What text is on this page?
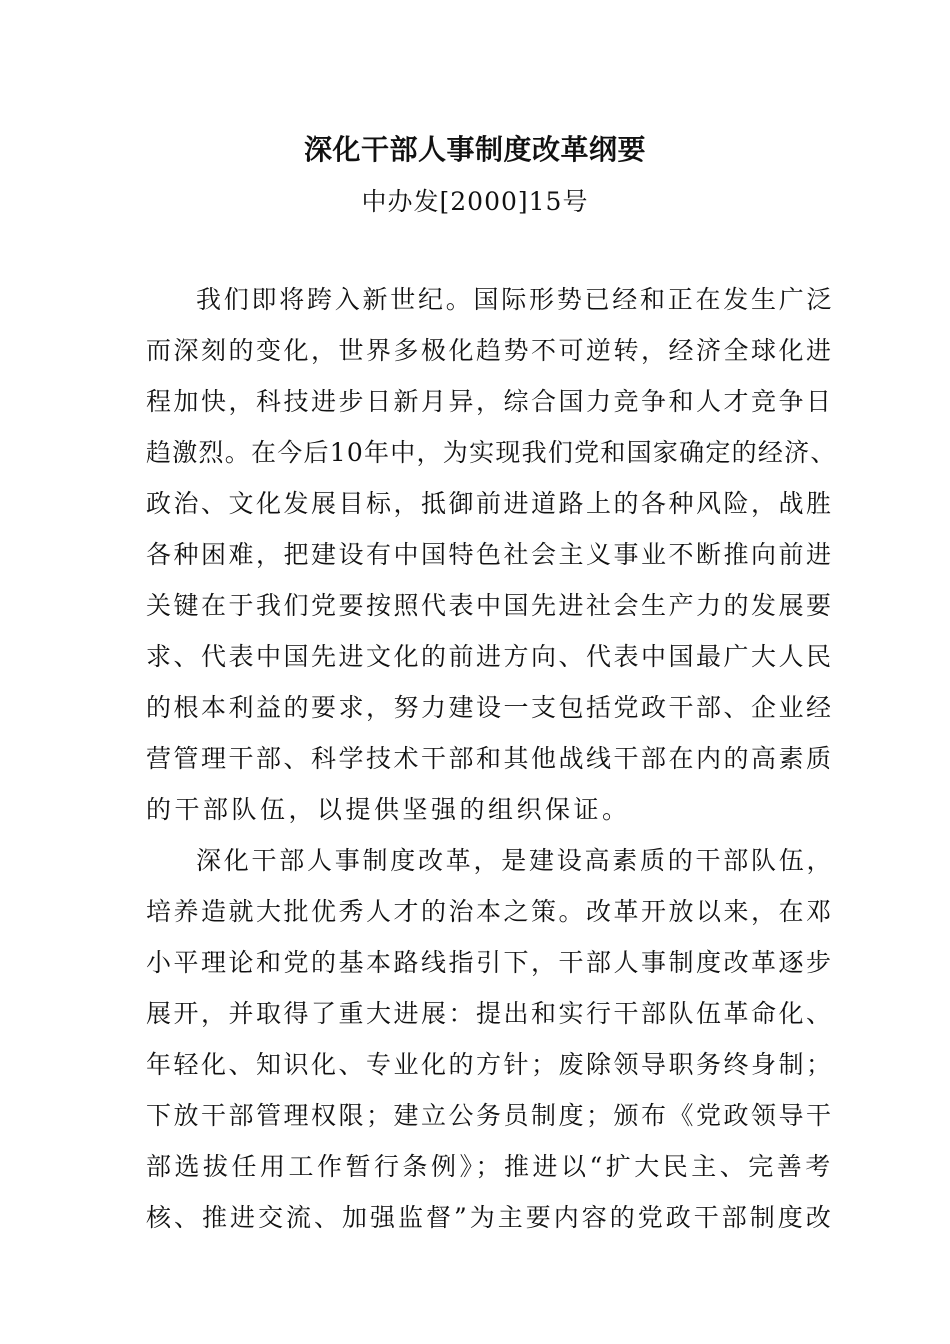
深化干部人事制度改革纲要
中办发[2000]15号
我们即将跨入新世纪。国际形势已经和正在发生广泛
而深刻的变化，世界多极化趋势不可逆转，经济全球化进
程加快，科技进步日新月异，综合国力竞争和人才竞争日
趋激烈。在今后10年中，为实现我们党和国家确定的经济、
政治、文化发展目标，抵御前进道路上的各种风险，战胜
各种困难，把建设有中国特色社会主义事业不断推向前进
关键在于我们党要按照代表中国先进社会生产力的发展要
求、代表中国先进文化的前进方向、代表中国最广大人民
的根本利益的要求，努力建设一支包括党政干部、企业经
营管理干部、科学技术干部和其他战线干部在内的高素质
的干部队伍，以提供坚强的组织保证。
深化干部人事制度改革，是建设高素质的干部队伍，
培养造就大批优秀人才的治本之策。改革开放以来，在邓
小平理论和党的基本路线指引下，干部人事制度改革逐步
展开，并取得了重大进展：提出和实行干部队伍革命化、
年轻化、知识化、专业化的方针；废除领导职务终身制；
下放干部管理权限；建立公务员制度；颁布《党政领导干
部选拔任用工作暂行条例》；推进以“扩大民主、完善考
核、推进交流、加强监督”为主要内容的党政干部制度改
